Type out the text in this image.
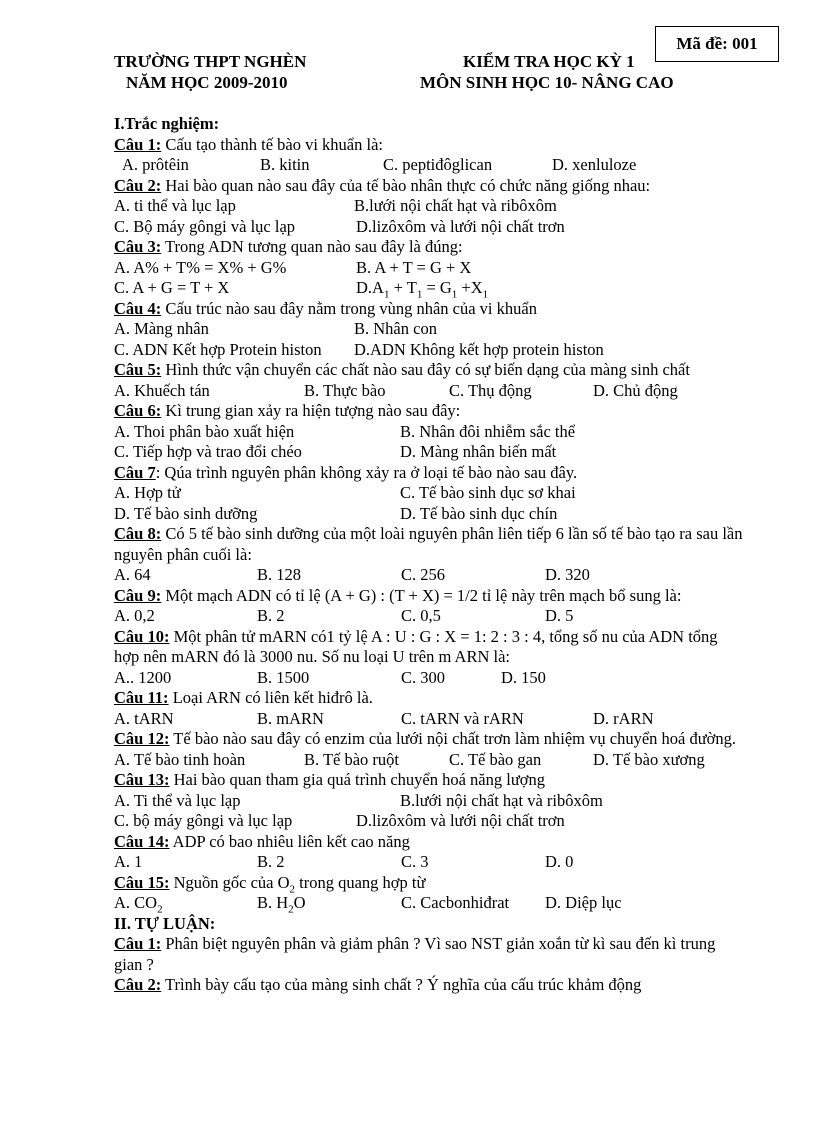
Mã đề: 001
TRƯỜNG THPT NGHÈN
NĂM HỌC 2009-2010
KIỂM TRA HỌC KỲ 1
MÔN SINH HỌC 10- NÂNG CAO
I.Trắc nghiệm:
Câu 1: Cấu tạo thành tế bào vi khuẩn là:
A. prôtêin	B. kitin	C. peptiđôglican	D. xenluloze
Câu 2: Hai bào quan nào sau đây của tế bào nhân thực có chức năng giống nhau:
A. ti thể và lục lạp	B.lưới nội chất hạt và ribôxôm
C. Bộ máy gôngi và lục lạp	D.lizôxôm và lưới nội chất trơn
Câu 3: Trong ADN tương quan nào sau đây là đúng:
A. A% + T% = X% + G%	B. A + T = G + X
C. A + G = T + X	$D.A_1 + T_1 = G_1 +X_1$
Câu 4: Cấu trúc nào sau đây nằm trong vùng nhân của vi khuẩn
A. Màng nhân	B. Nhân con
C. ADN Kết hợp Protein histon D.ADN Không kết hợp protein histon
Câu 5: Hình thức vận chuyển các chất nào sau đây có sự biến dạng của màng sinh chất
A. Khuếch tán	B. Thực bào	C. Thụ động	D. Chủ động
Câu 6: Kì trung gian xảy ra hiện tượng nào sau đây:
A. Thoi phân bào xuất hiện	B. Nhân đôi nhiễm sắc thể
C. Tiếp hợp và trao đổi chéo	D. Màng nhân biến mất
Câu 7: Qúa trình nguyên phân không xảy ra ở loại tế bào nào sau đây.
A. Hợp tử	C. Tế bào sinh dục sơ khai
D. Tế bào sinh dưỡng	D. Tế bào sinh dục chín
Câu 8: Có 5 tế bào sinh dưỡng của một loài nguyên phân liên tiếp 6 lần số tế bào tạo ra sau lần nguyên phân cuối là:
A. 64	B. 128	C. 256	D. 320
Câu 9: Một mạch ADN có tỉ lệ (A + G) : (T + X) = 1/2 tỉ lệ này trên mạch bổ sung là:
A. 0,2	B. 2	C. 0,5	D. 5
Câu 10: Một phân tử mARN có1 tỷ lệ A : U : G : X = 1: 2 : 3 : 4, tổng số nu của ADN tổng hợp nên mARN đó là 3000 nu. Số nu loại U trên m ARN là:
A.. 1200	B. 1500	C. 300	D. 150
Câu 11: Loại ARN có liên kết hiđrô là.
A. tARN	B. mARN	C. tARN và rARN	D. rARN
Câu 12: Tế bào nào sau đây có enzim của lưới nội chất trơn làm nhiệm vụ chuyển hoá đường.
A. Tế bào tinh hoàn	B. Tế bào ruột	C. Tế bào gan	D. Tế bào xương
Câu 13: Hai bào quan tham gia quá trình chuyển hoá năng lượng
A. Ti thể và lục lạp	B.lưới nội chất hạt và ribôxôm
C. bộ máy gôngi và lục lạp	D.lizôxôm và lưới nội chất trơn
Câu 14: ADP có bao nhiêu liên kết cao năng
A. 1	B. 2	C. 3	D. 0
Câu 15: Nguồn gốc của $O_2$ trong quang hợp từ
A. $CO_2$	B. $H_2O$	C. Cacbonhiđrat D. Diệp lục
II. TỰ LUẬN:
Câu 1: Phân biệt nguyên phân và giảm phân ? Vì sao NST giản xoắn từ kì sau đến kì trung gian ?
Câu 2: Trình bày cấu tạo của màng sinh chất ? Ý nghĩa của cấu trúc khảm động
